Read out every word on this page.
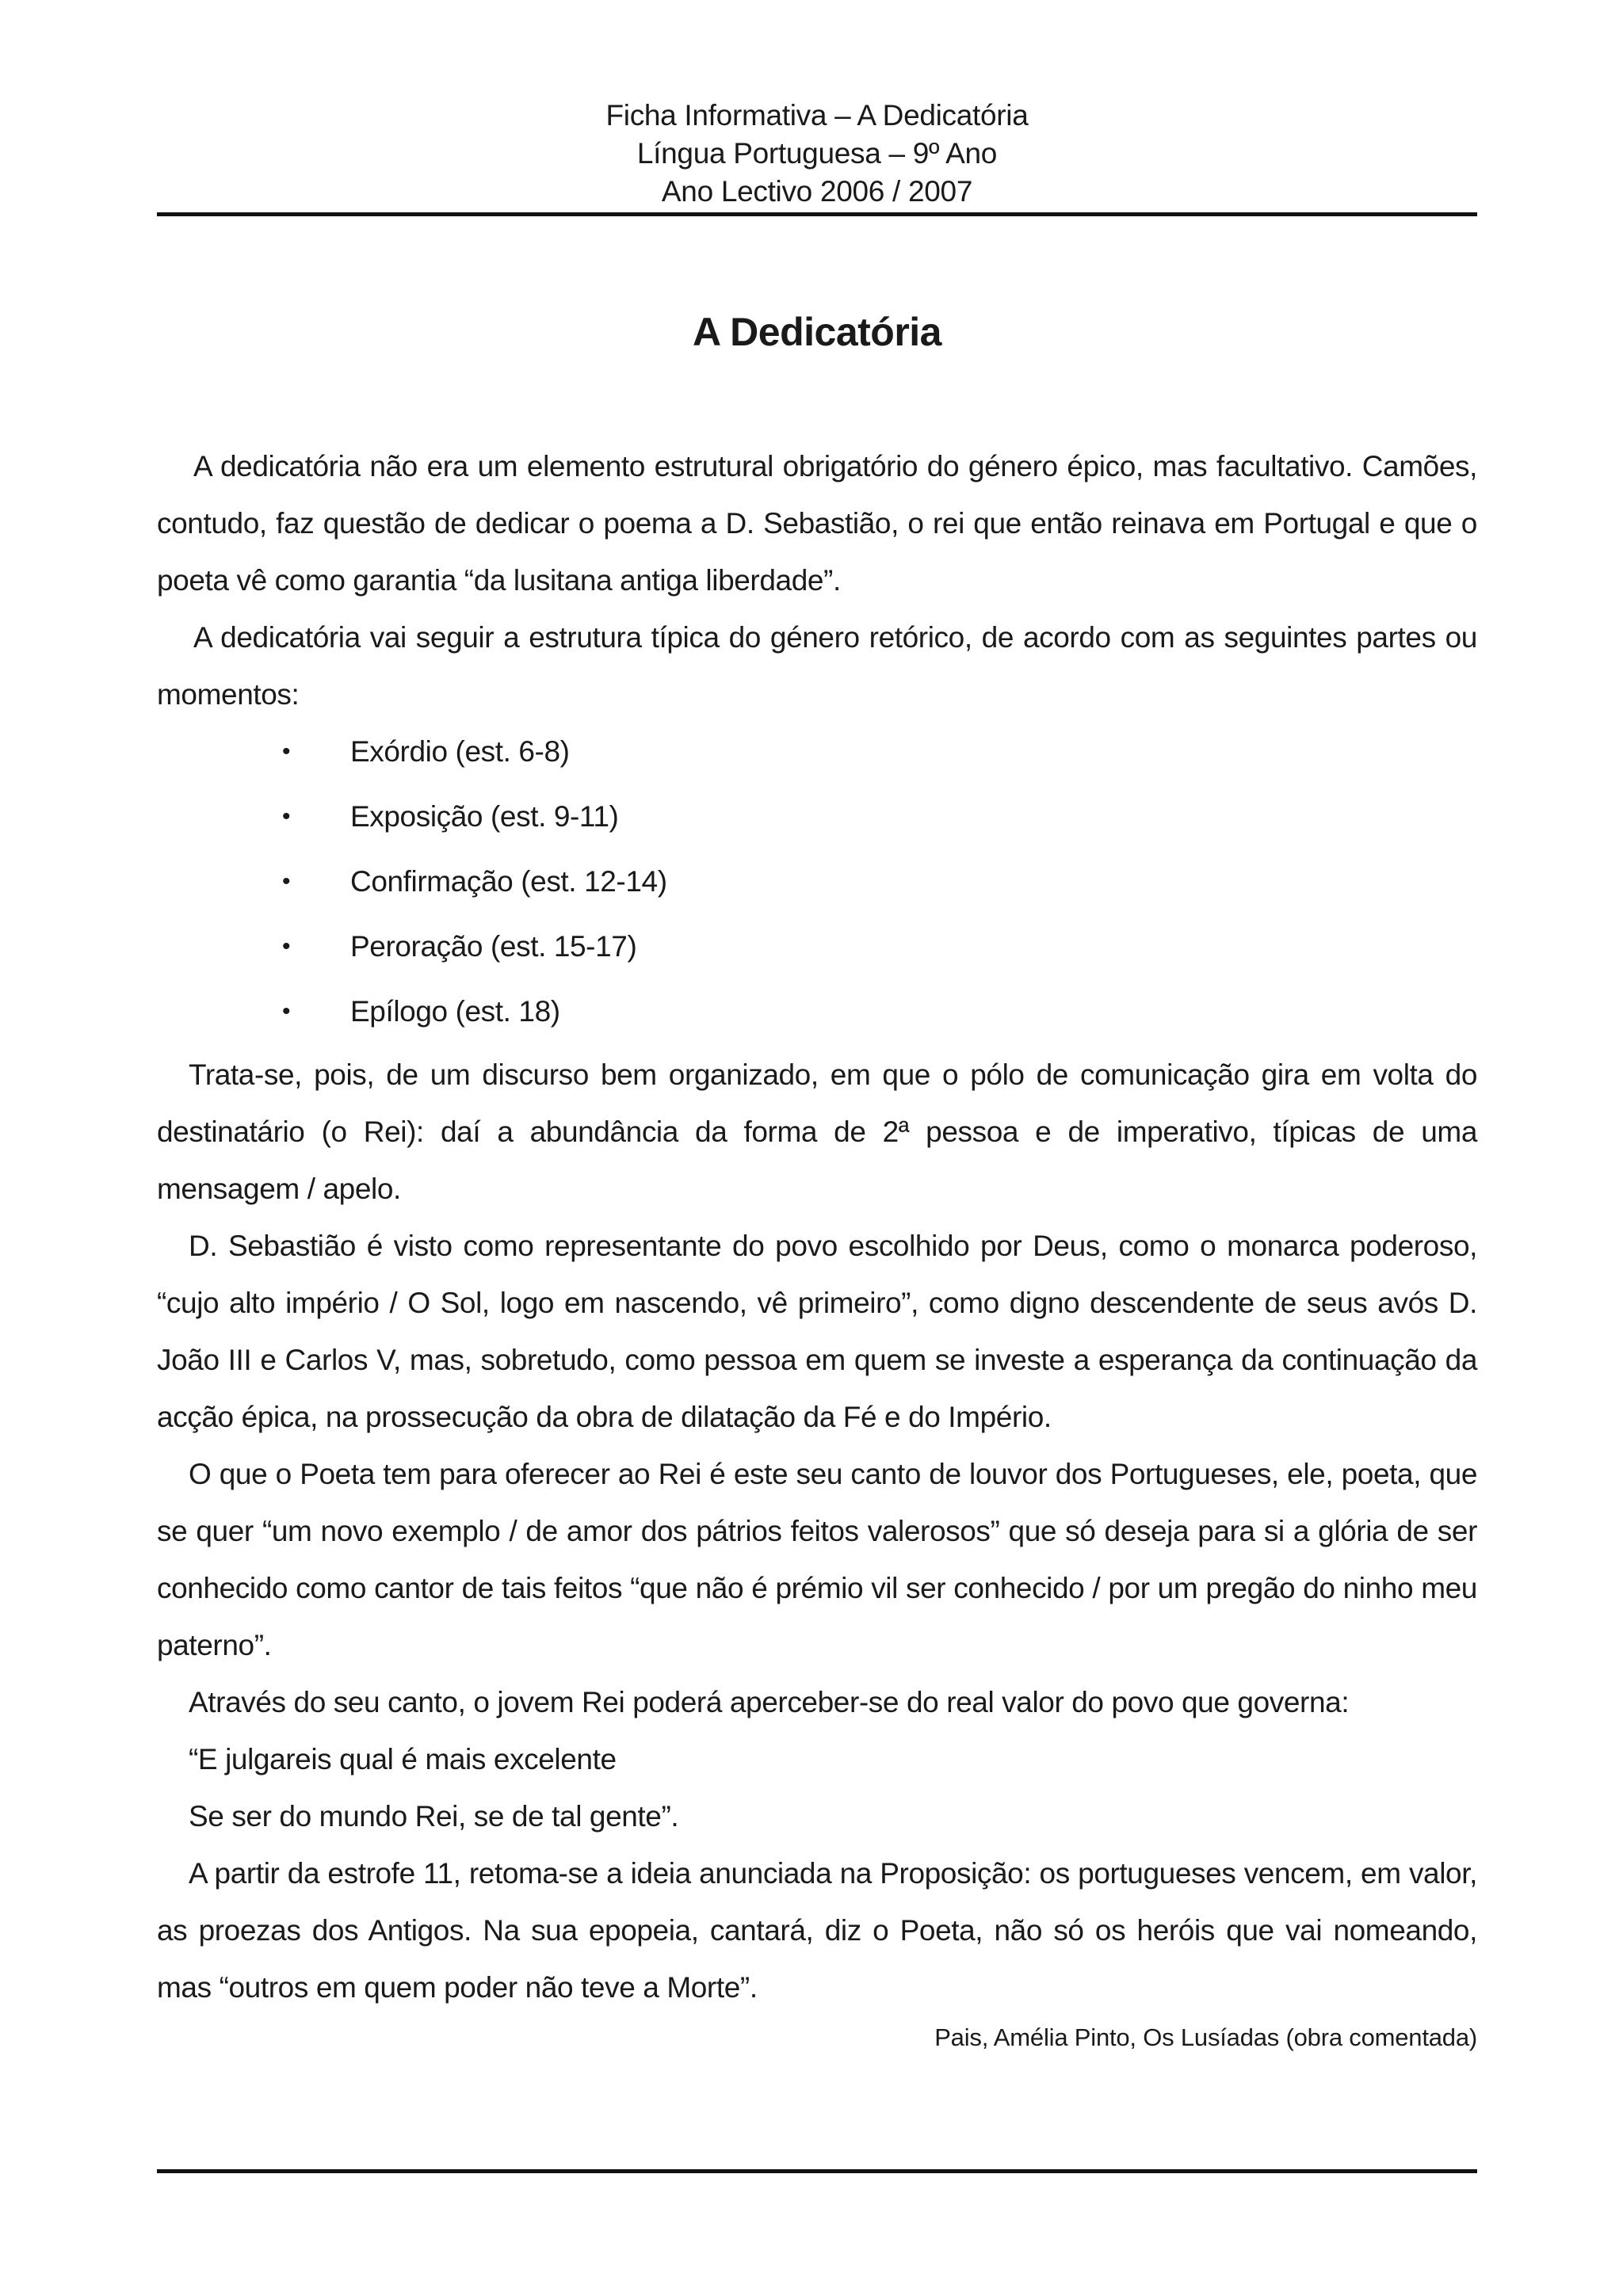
Ficha Informativa – A Dedicatória
Língua Portuguesa – 9º Ano
Ano Lectivo 2006 / 2007
A Dedicatória

A dedicatória não era um elemento estrutural obrigatório do género épico, mas facultativo. Camões, contudo, faz questão de dedicar o poema a D. Sebastião, o rei que então reinava em Portugal e que o poeta vê como garantia “da lusitana antiga liberdade”.

A dedicatória vai seguir a estrutura típica do género retórico, de acordo com as seguintes partes ou momentos:

• Exórdio (est. 6-8)
• Exposição (est. 9-11)
• Confirmação (est. 12-14)
• Peroração (est. 15-17)
• Epílogo (est. 18)

Trata-se, pois, de um discurso bem organizado, em que o pólo de comunicação gira em volta do destinatário (o Rei): daí a abundância da forma de 2ª pessoa e de imperativo, típicas de uma mensagem / apelo.

D. Sebastião é visto como representante do povo escolhido por Deus, como o monarca poderoso, “cujo alto império / O Sol, logo em nascendo, vê primeiro”, como digno descendente de seus avós D. João III e Carlos V, mas, sobretudo, como pessoa em quem se investe a esperança da continuação da acção épica, na prossecução da obra de dilatação da Fé e do Império.

O que o Poeta tem para oferecer ao Rei é este seu canto de louvor dos Portugueses, ele, poeta, que se quer “um novo exemplo / de amor dos pátrios feitos valerosos” que só deseja para si a glória de ser conhecido como cantor de tais feitos “que não é prémio vil ser conhecido / por um pregão do ninho meu paterno”.

Através do seu canto, o jovem Rei poderá aperceber-se do real valor do povo que governa:

“E julgareis qual é mais excelente

Se ser do mundo Rei, se de tal gente”.

A partir da estrofe 11, retoma-se a ideia anunciada na Proposição: os portugueses vencem, em valor, as proezas dos Antigos. Na sua epopeia, cantará, diz o Poeta, não só os heróis que vai nomeando, mas “outros em quem poder não teve a Morte”.

Pais, Amélia Pinto, Os Lusíadas (obra comentada)
